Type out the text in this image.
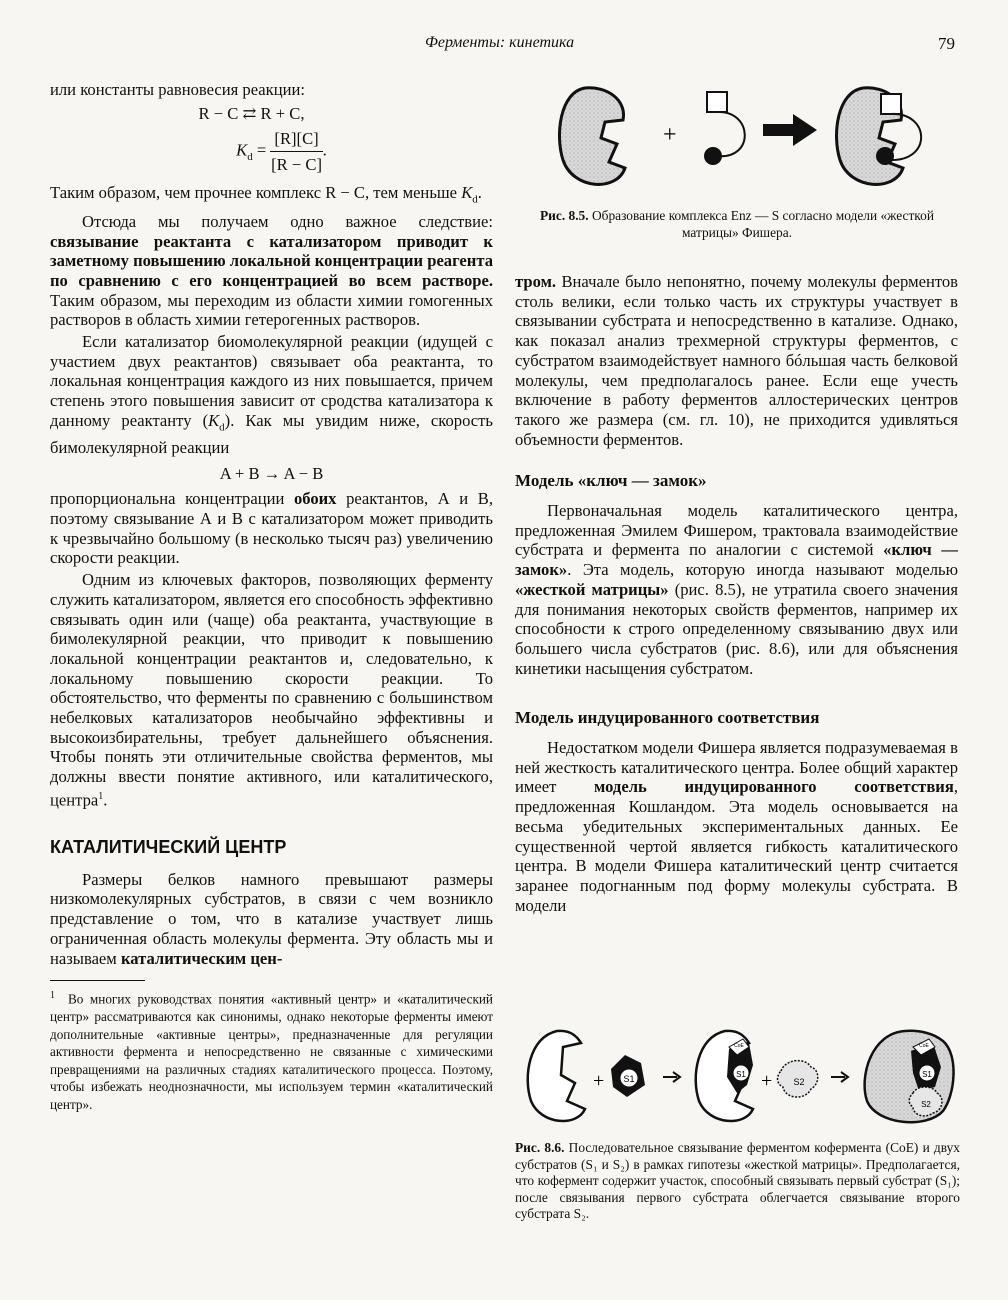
Ферменты: кинетика	79

или константы равновесия реакции:

R − C ⇄ R + C,

$K_d = \frac{[R][C]}{[R - C]}$ .

Таким образом, чем прочнее комплекс R − C, тем меньше $K_d$.

Отсюда мы получаем одно важное следствие: связывание реактанта с катализатором приводит к заметному повышению локальной концентрации реагента по сравнению с его концентрацией во всем растворе. Таким образом, мы переходим из области химии гомогенных растворов в область химии гетерогенных растворов.

Если катализатор биомолекулярной реакции (идущей с участием двух реактантов) связывает оба реактанта, то локальная концентрация каждого из них повышается, причем степень этого повышения зависит от сродства катализатора к данному реактанту $(K_d)$. Как мы увидим ниже, скорость бимолекулярной реакции

A + B → A − B

пропорциональна концентрации обоих реактантов, А и В, поэтому связывание А и В с катализатором может приводить к чрезвычайно большому (в несколько тысяч раз) увеличению скорости реакции.

Одним из ключевых факторов, позволяющих ферменту служить катализатором, является его способность эффективно связывать один или (чаще) оба реактанта, участвующие в бимолекулярной реакции, что приводит к повышению локальной концентрации реактантов и, следовательно, к локальному повышению скорости реакции. То обстоятельство, что ферменты по сравнению с большинством небелковых катализаторов необычайно эффективны и высокоизбирательны, требует дальнейшего объяснения. Чтобы понять эти отличительные свойства ферментов, мы должны ввести понятие активного, или каталитического, центра$^1$.

КАТАЛИТИЧЕСКИЙ ЦЕНТР

Размеры белков намного превышают размеры низкомолекулярных субстратов, в связи с чем возникло представление о том, что в катализе участвует лишь ограниченная область молекулы фермента. Эту область мы и называем каталитическим цен-

$^1$ Во многих руководствах понятия «активный центр» и «каталитический центр» рассматриваются как синонимы, однако некоторые ферменты имеют дополнительные «активные центры», предназначенные для регуляции активности фермента и непосредственно не связанные с химическими превращениями на различных стадиях каталитического процесса. Поэтому, чтобы избежать неоднозначности, мы используем термин «каталитический центр».

+
Рис. 8.5. Образование комплекса Enz — S согласно модели «жесткой матрицы» Фишера.

тром. Вначале было непонятно, почему молекулы ферментов столь велики, если только часть их структуры участвует в связывании субстрата и непосредственно в катализе. Однако, как показал анализ трехмерной структуры ферментов, с субстратом взаимодействует намного бóльшая часть белковой молекулы, чем предполагалось ранее. Если еще учесть включение в работу ферментов аллостерических центров такого же размера (см. гл. 10), не приходится удивляться объемности ферментов.

Модель «ключ — замок»

Первоначальная модель каталитического центра, предложенная Эмилем Фишером, трактовала взаимодействие субстрата и фермента по аналогии с системой «ключ — замок». Эта модель, которую иногда называют моделью «жесткой матрицы» (рис. 8.5), не утратила своего значения для понимания некоторых свойств ферментов, например их способности к строго определенному связыванию двух или большего числа субстратов (рис. 8.6), или для объяснения кинетики насыщения субстратом.

Модель индуцированного соответствия

Недостатком модели Фишера является подразумеваемая в ней жесткость каталитического центра. Более общий характер имеет модель индуцированного соответствия, предложенная Кошландом. Эта модель основывается на весьма убедительных экспериментальных данных. Ее существенной чертой является гибкость каталитического центра. В модели Фишера каталитический центр считается заранее подогнанным под форму молекулы субстрата. В модели

+ S1
CoE
S1 + S2
CoE
S1
S2
Рис. 8.6. Последовательное связывание ферментом кофермента (CoE) и двух субстратов (S₁ и S₂) в рамках гипотезы «жесткой матрицы». Предполагается, что кофермент содержит участок, способный связывать первый субстрат (S₁); после связывания первого субстрата облегчается связывание второго субстрата S₂.
